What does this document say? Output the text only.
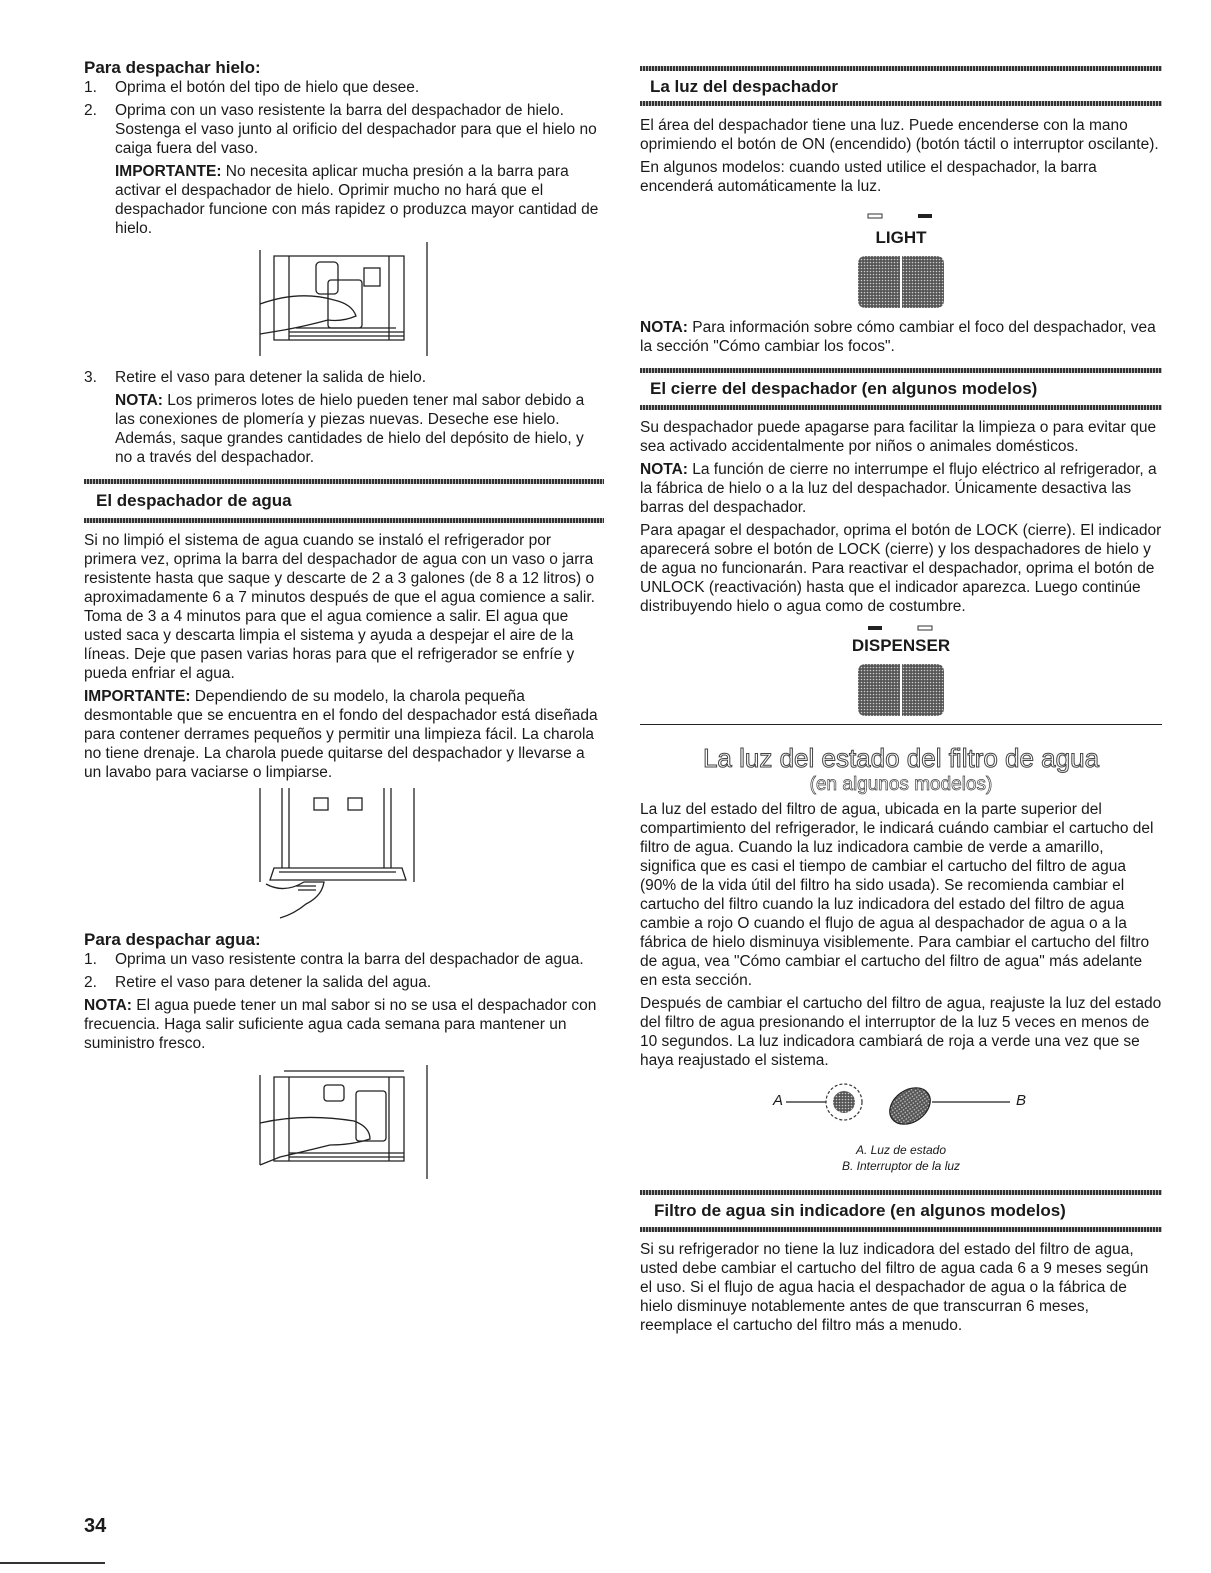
Para despachar hielo:
1. Oprima el botón del tipo de hielo que desee.
2. Oprima con un vaso resistente la barra del despachador de hielo. Sostenga el vaso junto al orificio del despachador para que el hielo no caiga fuera del vaso.

IMPORTANTE: No necesita aplicar mucha presión a la barra para activar el despachador de hielo. Oprimir mucho no hará que el despachador funcione con más rapidez o produzca mayor cantidad de hielo.

3. Retire el vaso para detener la salida de hielo.

NOTA: Los primeros lotes de hielo pueden tener mal sabor debido a las conexiones de plomería y piezas nuevas. Deseche ese hielo. Además, saque grandes cantidades de hielo del depósito de hielo, y no a través del despachador.

El despachador de agua

Si no limpió el sistema de agua cuando se instaló el refrigerador por primera vez, oprima la barra del despachador de agua con un vaso o jarra resistente hasta que saque y descarte de 2 a 3 galones (de 8 a 12 litros) o aproximadamente 6 a 7 minutos después de que el agua comience a salir. Toma de 3 a 4 minutos para que el agua comience a salir. El agua que usted saca y descarta limpia el sistema y ayuda a despejar el aire de la líneas. Deje que pasen varias horas para que el refrigerador se enfríe y pueda enfriar el agua.

IMPORTANTE: Dependiendo de su modelo, la charola pequeña desmontable que se encuentra en el fondo del despachador está diseñada para contener derrames pequeños y permitir una limpieza fácil. La charola no tiene drenaje. La charola puede quitarse del despachador y llevarse a un lavabo para vaciarse o limpiarse.

Para despachar agua:
1. Oprima un vaso resistente contra la barra del despachador de agua.
2. Retire el vaso para detener la salida del agua.

NOTA: El agua puede tener un mal sabor si no se usa el despachador con frecuencia. Haga salir suficiente agua cada semana para mantener un suministro fresco.

La luz del despachador

El área del despachador tiene una luz. Puede encenderse con la mano oprimiendo el botón de ON (encendido) (botón táctil o interruptor oscilante).

En algunos modelos: cuando usted utilice el despachador, la barra encenderá automáticamente la luz.

LIGHT

NOTA: Para información sobre cómo cambiar el foco del despachador, vea la sección "Cómo cambiar los focos".

El cierre del despachador (en algunos modelos)

Su despachador puede apagarse para facilitar la limpieza o para evitar que sea activado accidentalmente por niños o animales domésticos.

NOTA: La función de cierre no interrumpe el flujo eléctrico al refrigerador, a la fábrica de hielo o a la luz del despachador. Únicamente desactiva las barras del despachador.

Para apagar el despachador, oprima el botón de LOCK (cierre). El indicador aparecerá sobre el botón de LOCK (cierre) y los despachadores de hielo y de agua no funcionarán. Para reactivar el despachador, oprima el botón de UNLOCK (reactivación) hasta que el indicador aparezca. Luego continúe distribuyendo hielo o agua como de costumbre.

DISPENSER
La luz del estado del filtro de agua
(en algunos modelos)

La luz del estado del filtro de agua, ubicada en la parte superior del compartimiento del refrigerador, le indicará cuándo cambiar el cartucho del filtro de agua. Cuando la luz indicadora cambie de verde a amarillo, significa que es casi el tiempo de cambiar el cartucho del filtro de agua (90% de la vida útil del filtro ha sido usada). Se recomienda cambiar el cartucho del filtro cuando la luz indicadora del estado del filtro de agua cambie a rojo O cuando el flujo de agua al despachador de agua o a la fábrica de hielo disminuya visiblemente. Para cambiar el cartucho del filtro de agua, vea "Cómo cambiar el cartucho del filtro de agua" más adelante en esta sección.

Después de cambiar el cartucho del filtro de agua, reajuste la luz del estado del filtro de agua presionando el interruptor de la luz 5 veces en menos de 10 segundos. La luz indicadora cambiará de roja a verde una vez que se haya reajustado el sistema.

A	B
A. Luz de estado
B. Interruptor de la luz
Filtro de agua sin indicadore (en algunos modelos)

Si su refrigerador no tiene la luz indicadora del estado del filtro de agua, usted debe cambiar el cartucho del filtro de agua cada 6 a 9 meses según el uso. Si el flujo de agua hacia el despachador de agua o la fábrica de hielo disminuye notablemente antes de que transcurran 6 meses, reemplace el cartucho del filtro más a menudo.

34
